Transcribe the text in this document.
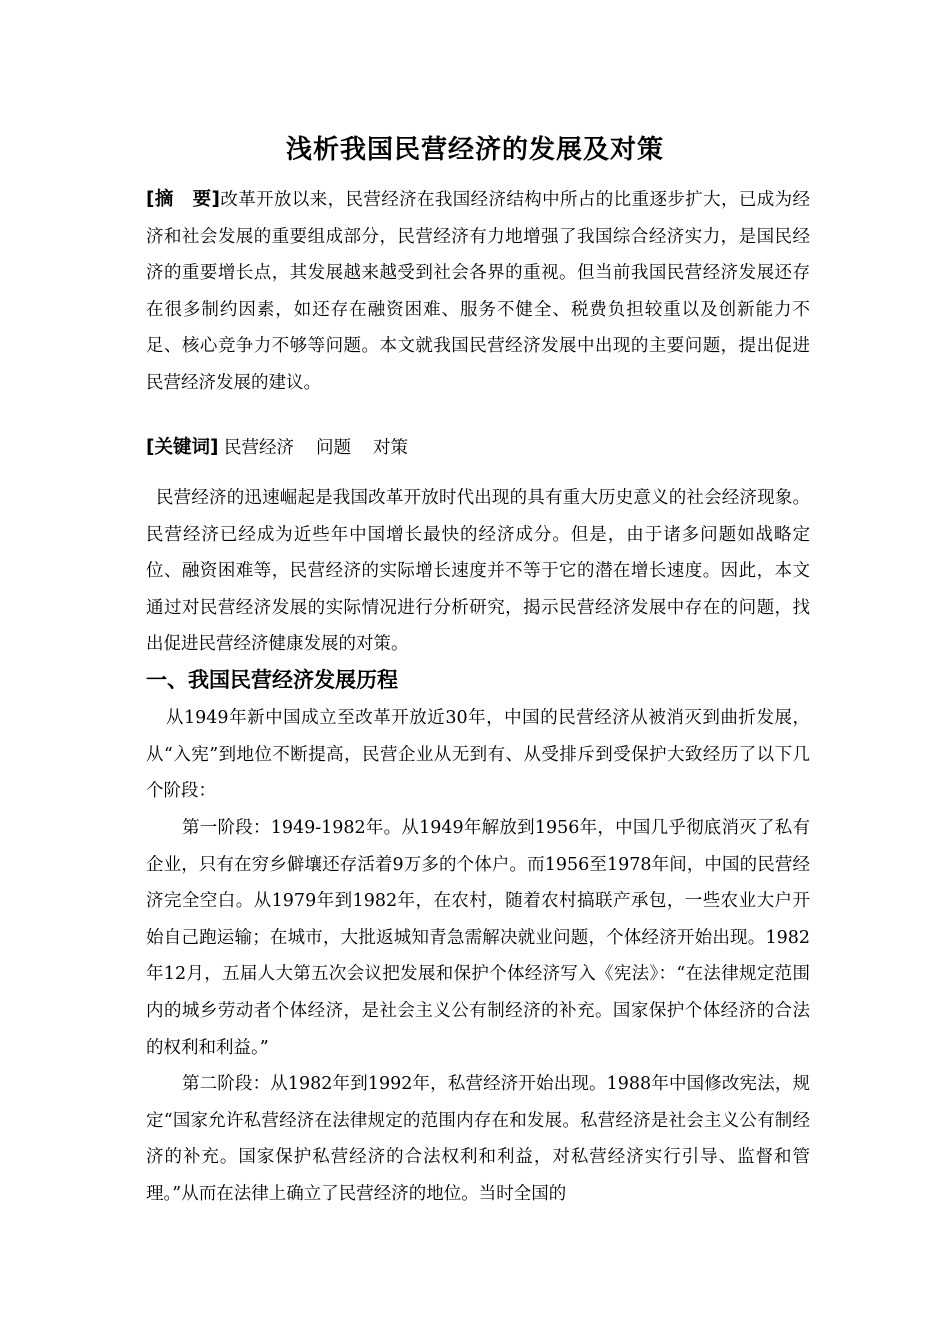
浅析我国民营经济的发展及对策

[摘　要]改革开放以来，民营经济在我国经济结构中所占的比重逐步扩大，已成为经济和社会发展的重要组成部分，民营经济有力地增强了我国综合经济实力，是国民经济的重要增长点，其发展越来越受到社会各界的重视。但当前我国民营经济发展还存在很多制约因素，如还存在融资困难、服务不健全、税费负担较重以及创新能力不足、核心竞争力不够等问题。本文就我国民营经济发展中出现的主要问题，提出促进民营经济发展的建议。

[关键词] 民营经济 问题 对策

民营经济的迅速崛起是我国改革开放时代出现的具有重大历史意义的社会经济现象。民营经济已经成为近些年中国增长最快的经济成分。但是，由于诸多问题如战略定位、融资困难等，民营经济的实际增长速度并不等于它的潜在增长速度。因此，本文通过对民营经济发展的实际情况进行分析研究，揭示民营经济发展中存在的问题，找出促进民营经济健康发展的对策。

一、我国民营经济发展历程

从1949年新中国成立至改革开放近30年，中国的民营经济从被消灭到曲折发展，从“入宪”到地位不断提高，民营企业从无到有、从受排斥到受保护大致经历了以下几个阶段：

第一阶段：1949-1982年。从1949年解放到1956年，中国几乎彻底消灭了私有企业，只有在穷乡僻壤还存活着9万多的个体户。而1956至1978年间，中国的民营经济完全空白。从1979年到1982年，在农村，随着农村搞联产承包，一些农业大户开始自己跑运输；在城市，大批返城知青急需解决就业问题，个体经济开始出现。1982年12月，五届人大第五次会议把发展和保护个体经济写入《宪法》：“在法律规定范围内的城乡劳动者个体经济，是社会主义公有制经济的补充。国家保护个体经济的合法的权利和利益。”

第二阶段：从1982年到1992年，私营经济开始出现。1988年中国修改宪法，规定“国家允许私营经济在法律规定的范围内存在和发展。私营经济是社会主义公有制经济的补充。国家保护私营经济的合法权利和利益，对私营经济实行引导、监督和管理。”从而在法律上确立了民营经济的地位。当时全国的
